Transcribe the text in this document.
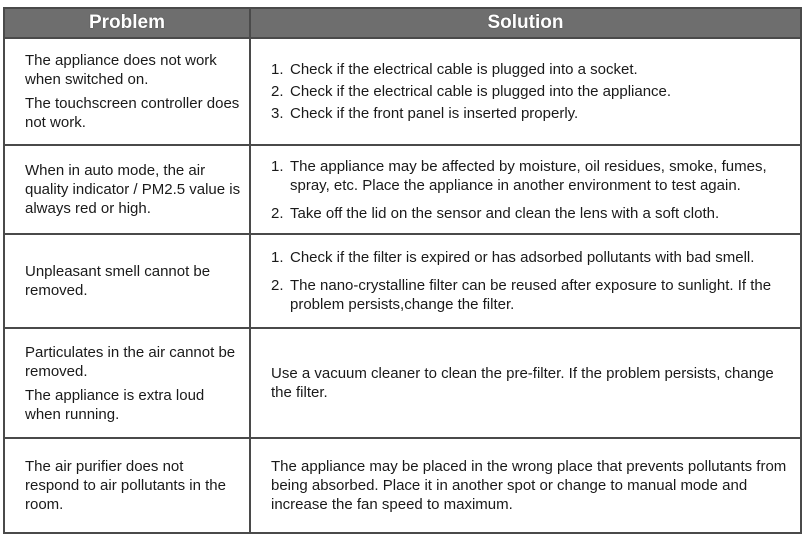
Problem	Solution

The appliance does not work when switched on.

The touchscreen controller does not work.

1. Check if the electrical cable is plugged into a socket.
2. Check if the electrical cable is plugged into the appliance.
3. Check if the front panel is inserted properly.

When in auto mode, the air quality indicator / PM2.5 value is always red or high.

1. The appliance may be affected by moisture, oil residues, smoke, fumes, spray, etc. Place the appliance in another environment to test again.
2. Take off the lid on the sensor and clean the lens with a soft cloth.

Unpleasant smell cannot be removed.

1. Check if the filter is expired or has adsorbed pollutants with bad smell.
2. The nano-crystalline filter can be reused after exposure to sunlight. If the problem persists,change the filter.

Particulates in the air cannot be removed.

The appliance is extra loud when running.

Use a vacuum cleaner to clean the pre-filter. If the problem persists, change the filter.

The air purifier does not respond to air pollutants in the room.

The appliance may be placed in the wrong place that prevents pollutants from being absorbed. Place it in another spot or change to manual mode and increase the fan speed to maximum.
